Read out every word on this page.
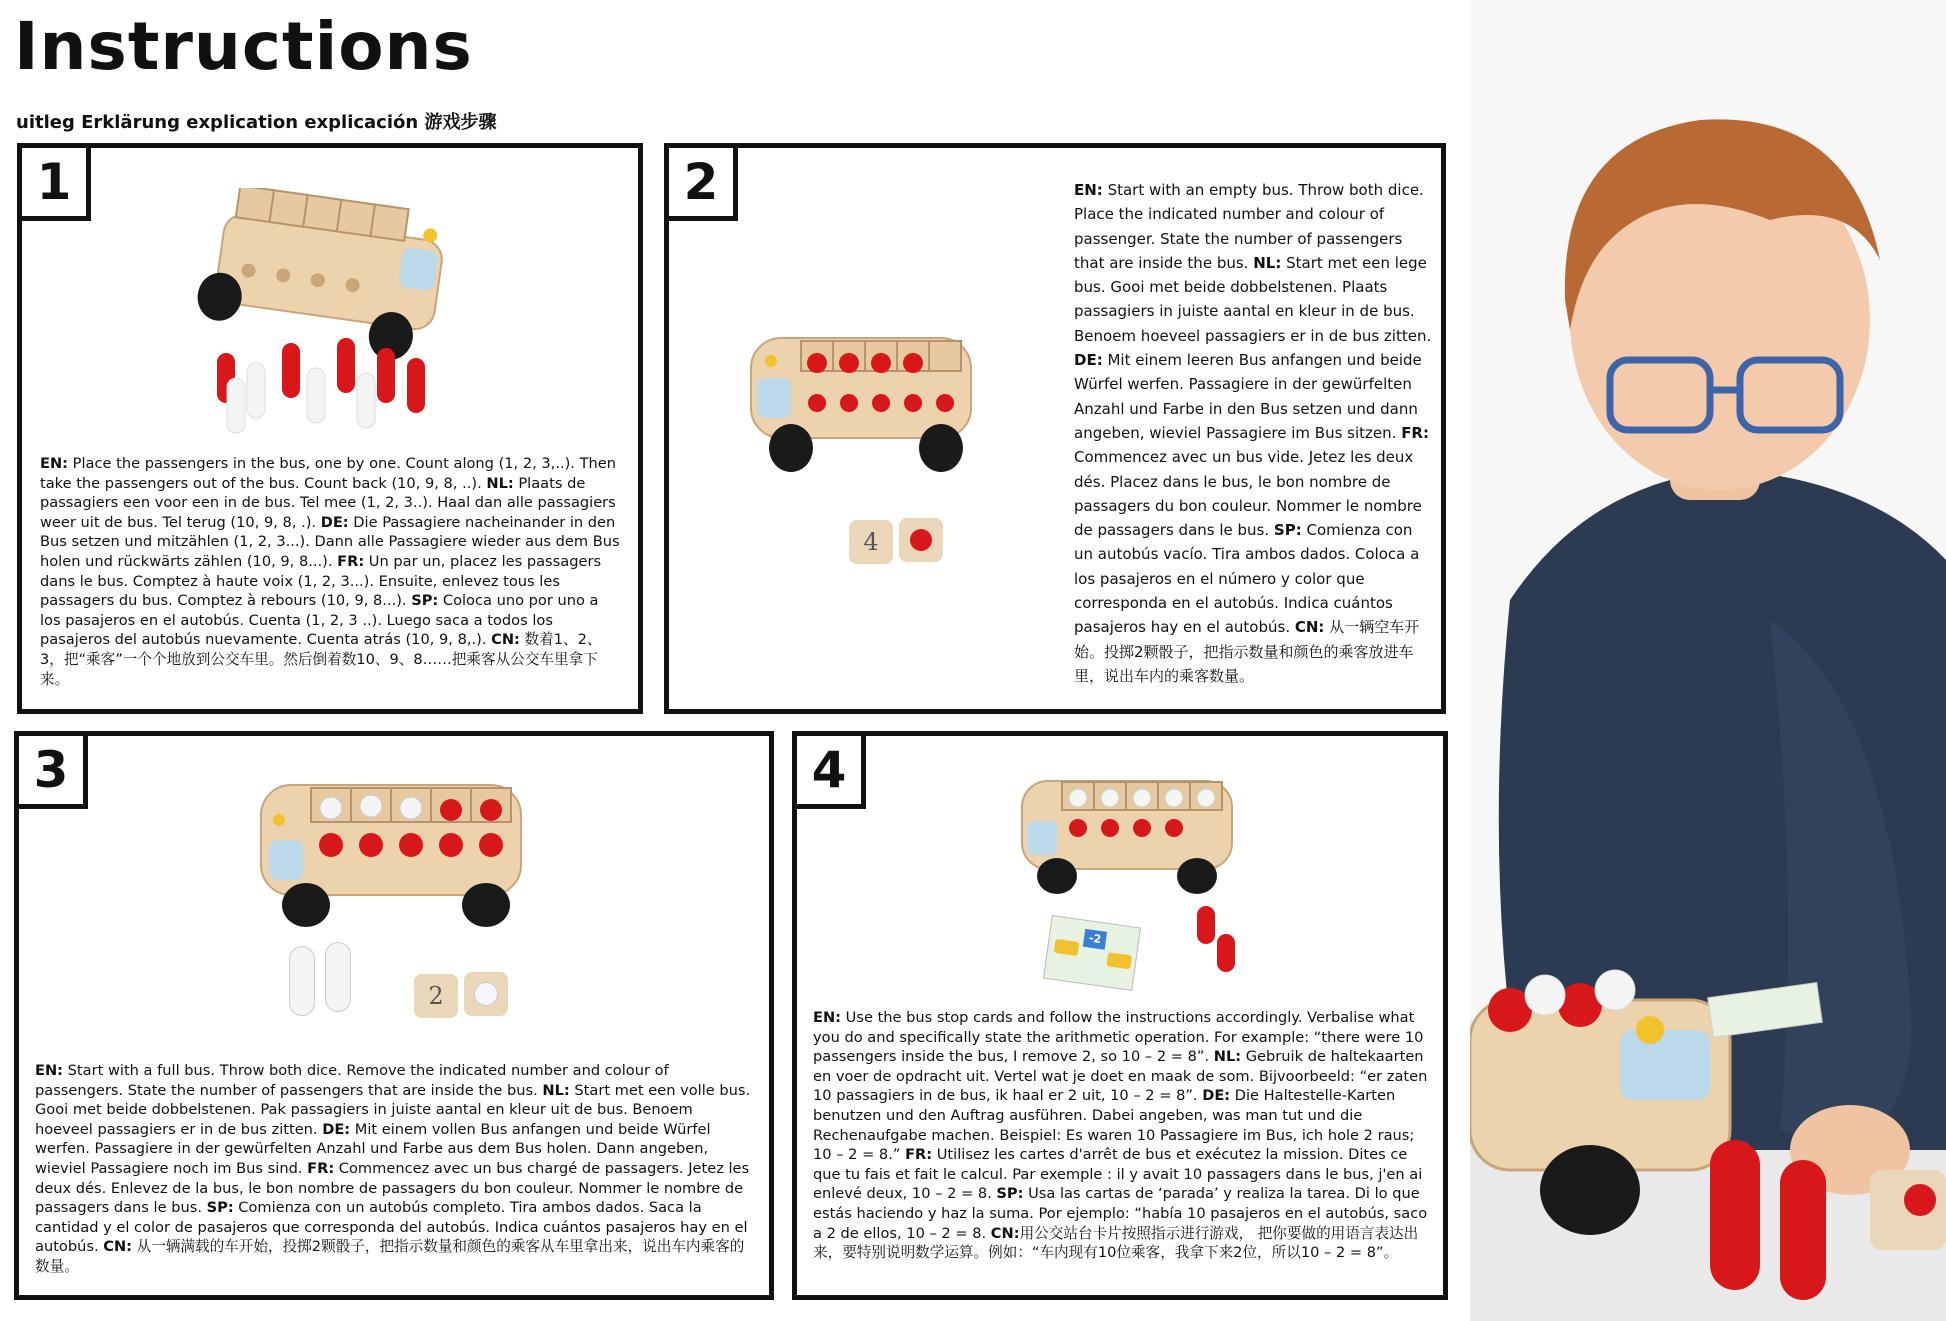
Instructions
uitleg Erklärung explication explicación 游戏步骤
1
EN: Place the passengers in the bus, one by one. Count along (1, 2, 3,..). Then take the passengers out of the bus. Count back (10, 9, 8, ..). NL: Plaats de passagiers een voor een in de bus. Tel mee (1, 2, 3..). Haal dan alle passagiers weer uit de bus. Tel terug (10, 9, 8, .). DE: Die Passagiere nacheinander in den Bus setzen und mitzählen (1, 2, 3...). Dann alle Passagiere wieder aus dem Bus holen und rückwärts zählen (10, 9, 8...). FR: Un par un, placez les passagers dans le bus. Comptez à haute voix (1, 2, 3...). Ensuite, enlevez tous les passagers du bus. Comptez à rebours (10, 9, 8...). SP: Coloca uno por uno a los pasajeros en el autobús. Cuenta (1, 2, 3 ..). Luego saca a todos los pasajeros del autobús nuevamente. Cuenta atrás (10, 9, 8,.). CN: 数着1、2、3，把“乘客”一个个地放到公交车里。然后倒着数10、9、8……把乘客从公交车里拿下来。
2
4
EN: Start with an empty bus. Throw both dice. Place the indicated number and colour of passenger. State the number of passengers that are inside the bus. NL: Start met een lege bus. Gooi met beide dobbelstenen. Plaats passagiers in juiste aantal en kleur in de bus. Benoem hoeveel passagiers er in de bus zitten. DE: Mit einem leeren Bus anfangen und beide Würfel werfen. Passagiere in der gewürfelten Anzahl und Farbe in den Bus setzen und dann angeben, wieviel Passagiere im Bus sitzen. FR: Commencez avec un bus vide. Jetez les deux dés. Placez dans le bus, le bon nombre de passagers du bon couleur. Nommer le nombre de passagers dans le bus. SP: Comienza con un autobús vacío. Tira ambos dados. Coloca a los pasajeros en el número y color que corresponda en el autobús. Indica cuántos pasajeros hay en el autobús. CN: 从一辆空车开始。投掷2颗骰子，把指示数量和颜色的乘客放进车里，说出车内的乘客数量。
3
2
EN: Start with a full bus. Throw both dice. Remove the indicated number and colour of passengers. State the number of passengers that are inside the bus. NL: Start met een volle bus. Gooi met beide dobbelstenen. Pak passagiers in juiste aantal en kleur uit de bus. Benoem hoeveel passagiers er in de bus zitten. DE: Mit einem vollen Bus anfangen und beide Würfel werfen. Passagiere in der gewürfelten Anzahl und Farbe aus dem Bus holen. Dann angeben, wieviel Passagiere noch im Bus sind. FR: Commencez avec un bus chargé de passagers. Jetez les deux dés. Enlevez de la bus, le bon nombre de passagers du bon couleur. Nommer le nombre de passagers dans le bus. SP: Comienza con un autobús completo. Tira ambos dados. Saca la cantidad y el color de pasajeros que corresponda del autobús. Indica cuántos pasajeros hay en el autobús. CN: 从一辆满载的车开始，投掷2颗骰子，把指示数量和颜色的乘客从车里拿出来，说出车内乘客的数量。
4
-2
EN: Use the bus stop cards and follow the instructions accordingly. Verbalise what you do and specifically state the arithmetic operation. For example: “there were 10 passengers inside the bus, I remove 2, so 10 – 2 = 8”. NL: Gebruik de haltekaarten en voer de opdracht uit. Vertel wat je doet en maak de som. Bijvoorbeeld: “er zaten 10 passagiers in de bus, ik haal er 2 uit, 10 – 2 = 8”. DE: Die Haltestelle-Karten benutzen und den Auftrag ausführen. Dabei angeben, was man tut und die Rechenaufgabe machen. Beispiel: Es waren 10 Passagiere im Bus, ich hole 2 raus; 10 – 2 = 8.” FR: Utilisez les cartes d'arrêt de bus et exécutez la mission. Dites ce que tu fais et fait le calcul. Par exemple : il y avait 10 passagers dans le bus, j'en ai enlevé deux, 10 – 2 = 8. SP: Usa las cartas de ‘parada’ y realiza la tarea. Di lo que estás haciendo y haz la suma. Por ejemplo: “había 10 pasajeros en el autobús, saco a 2 de ellos, 10 – 2 = 8. CN:用公交站台卡片按照指示进行游戏， 把你要做的用语言表达出来，要特别说明数学运算。例如：“车内现有10位乘客，我拿下来2位，所以10 – 2 = 8”。
